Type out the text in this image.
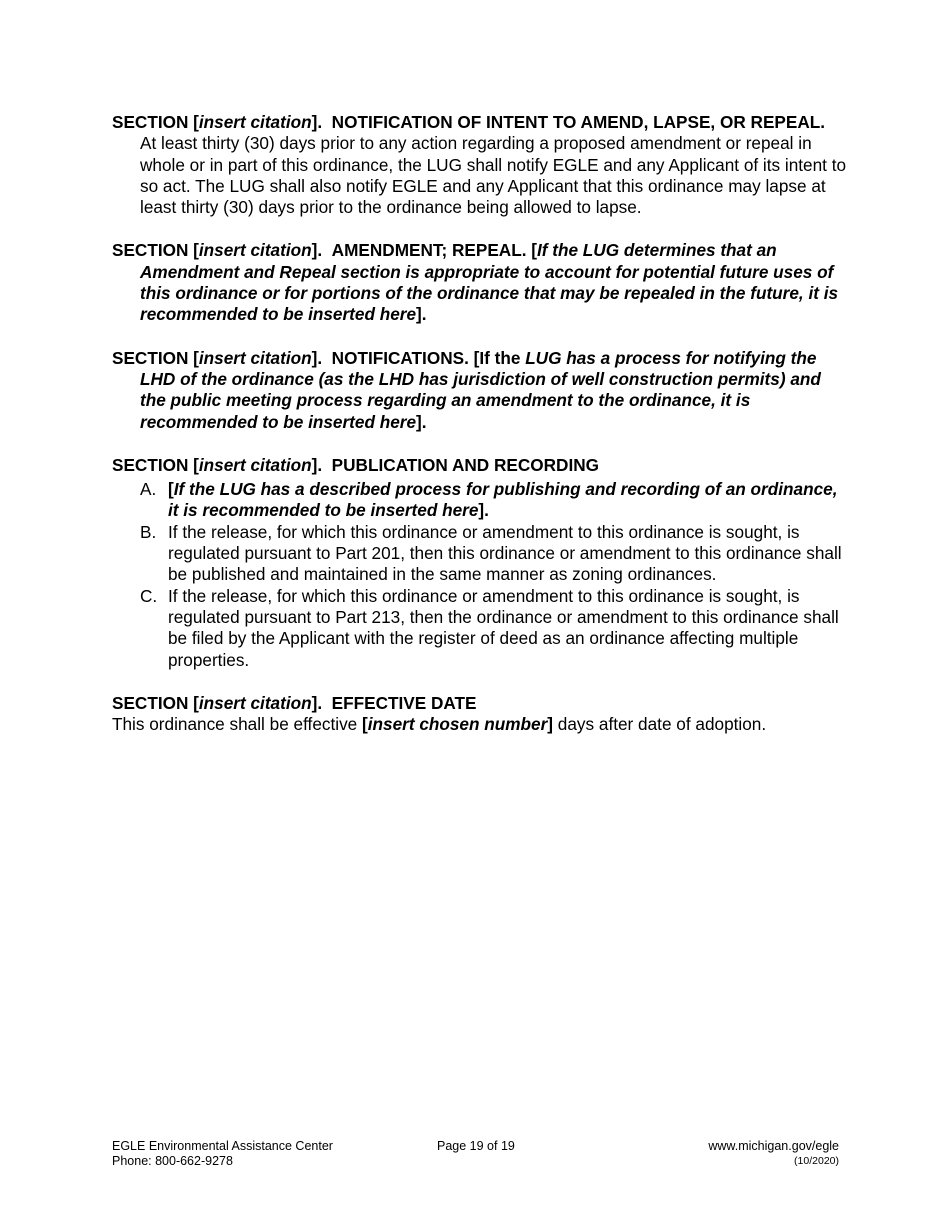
SECTION [insert citation]. NOTIFICATION OF INTENT TO AMEND, LAPSE, OR REPEAL.  At least thirty (30) days prior to any action regarding a proposed amendment or repeal in whole or in part of this ordinance, the LUG shall notify EGLE and any Applicant of its intent to so act. The LUG shall also notify EGLE and any Applicant that this ordinance may lapse at least thirty (30) days prior to the ordinance being allowed to lapse.
SECTION [insert citation]. AMENDMENT; REPEAL. [If the LUG determines that an Amendment and Repeal section is appropriate to account for potential future uses of this ordinance or for portions of the ordinance that may be repealed in the future, it is recommended to be inserted here].
SECTION [insert citation]. NOTIFICATIONS. [If the LUG has a process for notifying the LHD of the ordinance (as the LHD has jurisdiction of well construction permits) and the public meeting process regarding an amendment to the ordinance, it is recommended to be inserted here].
SECTION [insert citation]. PUBLICATION AND RECORDING
A. [If the LUG has a described process for publishing and recording of an ordinance, it is recommended to be inserted here].
B. If the release, for which this ordinance or amendment to this ordinance is sought, is regulated pursuant to Part 201, then this ordinance or amendment to this ordinance shall be published and maintained in the same manner as zoning ordinances.
C. If the release, for which this ordinance or amendment to this ordinance is sought, is regulated pursuant to Part 213, then the ordinance or amendment to this ordinance shall be filed by the Applicant with the register of deed as an ordinance affecting multiple properties.
SECTION [insert citation]. EFFECTIVE DATE
This ordinance shall be effective [insert chosen number] days after date of adoption.
EGLE Environmental Assistance Center
Phone: 800-662-9278
Page 19 of 19	www.michigan.gov/egle
(10/2020)
